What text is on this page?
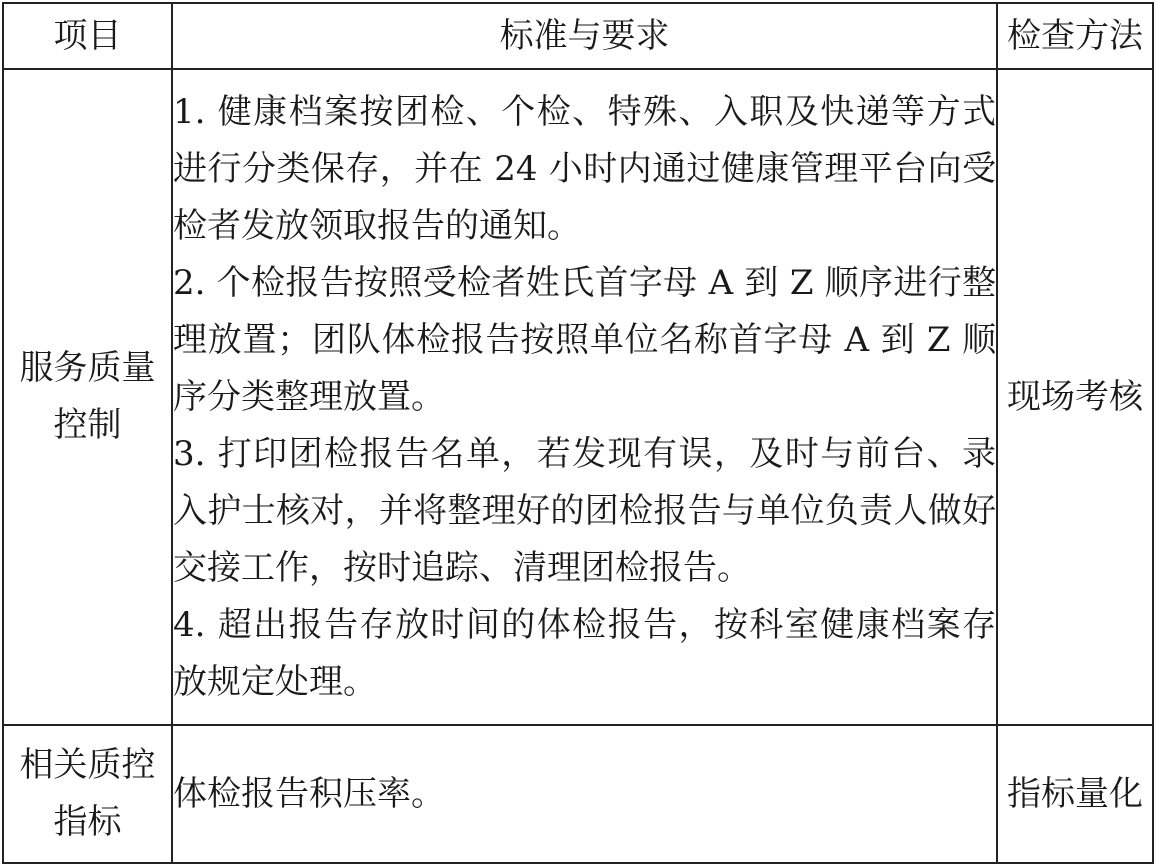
项目	标准与要求	检查方法
服务质量控制	1. 健康档案按团检、个检、特殊、入职及快递等方式进行分类保存，并在 24 小时内通过健康管理平台向受检者发放领取报告的通知。
2. 个检报告按照受检者姓氏首字母 A 到 Z 顺序进行整理放置；团队体检报告按照单位名称首字母 A 到 Z 顺序分类整理放置。
3. 打印团检报告名单，若发现有误，及时与前台、录入护士核对，并将整理好的团检报告与单位负责人做好交接工作，按时追踪、清理团检报告。
4. 超出报告存放时间的体检报告，按科室健康档案存放规定处理。	现场考核
相关质控指标	体检报告积压率。	指标量化
